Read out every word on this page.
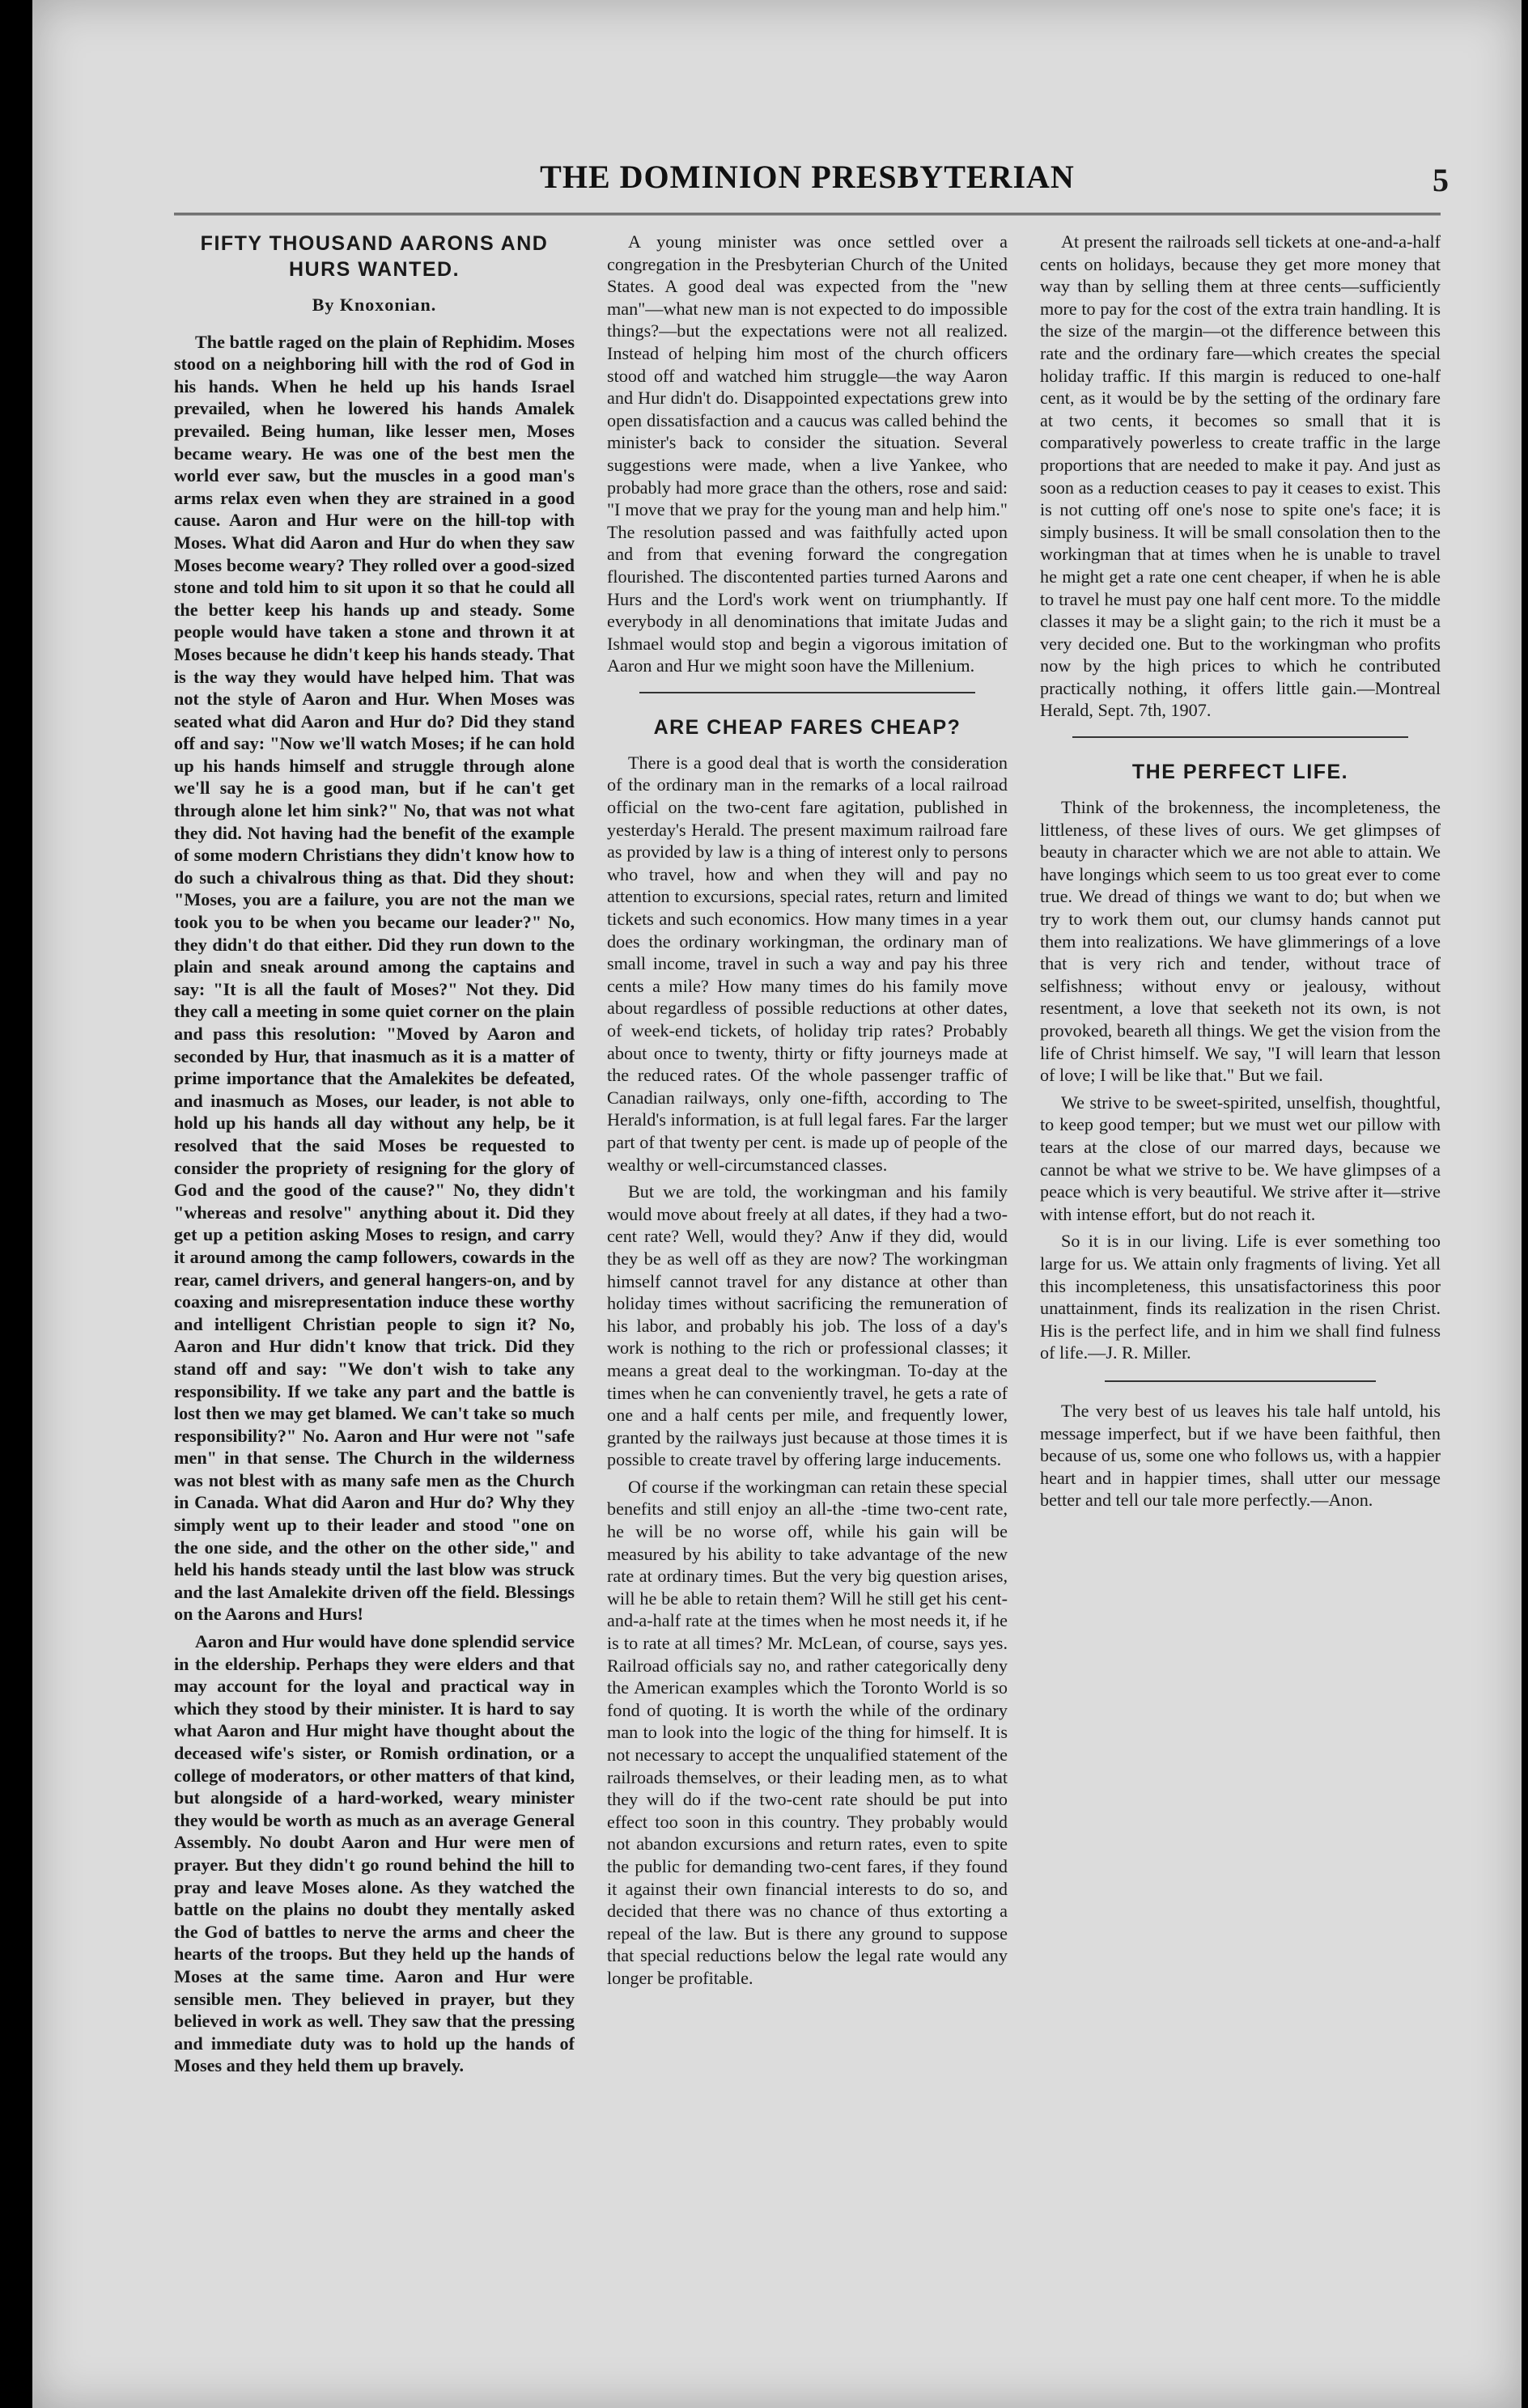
THE DOMINION PRESBYTERIAN	5
FIFTY THOUSAND AARONS AND HURS WANTED.
By Knoxonian.

The battle raged on the plain of Rephidim. Moses stood on a neighboring hill with the rod of God in his hands. When he held up his hands Israel prevailed, when he lowered his hands Amalek prevailed. Being human, like lesser men, Moses became weary. He was one of the best men the world ever saw, but the muscles in a good man's arms relax even when they are strained in a good cause. Aaron and Hur were on the hill-top with Moses. What did Aaron and Hur do when they saw Moses become weary? They rolled over a good-sized stone and told him to sit upon it so that he could all the better keep his hands up and steady. Some people would have taken a stone and thrown it at Moses because he didn't keep his hands steady. That is the way they would have helped him. That was not the style of Aaron and Hur. When Moses was seated what did Aaron and Hur do? Did they stand off and say: "Now we'll watch Moses; if he can hold up his hands himself and struggle through alone we'll say he is a good man, but if he can't get through alone let him sink?" No, that was not what they did. Not having had the benefit of the example of some modern Christians they didn't know how to do such a chivalrous thing as that. Did they shout: "Moses, you are a failure, you are not the man we took you to be when you became our leader?" No, they didn't do that either. Did they run down to the plain and sneak around among the captains and say: "It is all the fault of Moses?" Not they. Did they call a meeting in some quiet corner on the plain and pass this resolution: "Moved by Aaron and seconded by Hur, that inasmuch as it is a matter of prime importance that the Amalekites be defeated, and inasmuch as Moses, our leader, is not able to hold up his hands all day without any help, be it resolved that the said Moses be requested to consider the propriety of resigning for the glory of God and the good of the cause?" No, they didn't "whereas and resolve" anything about it. Did they get up a petition asking Moses to resign, and carry it around among the camp followers, cowards in the rear, camel drivers, and general hangers-on, and by coaxing and misrepresentation induce these worthy and intelligent Christian people to sign it? No, Aaron and Hur didn't know that trick. Did they stand off and say: "We don't wish to take any responsibility. If we take any part and the battle is lost then we may get blamed. We can't take so much responsibility?" No. Aaron and Hur were not "safe men" in that sense. The Church in the wilderness was not blest with as many safe men as the Church in Canada. What did Aaron and Hur do? Why they simply went up to their leader and stood "one on the one side, and the other on the other side," and held his hands steady until the last blow was struck and the last Amalekite driven off the field. Blessings on the Aarons and Hurs!

Aaron and Hur would have done splendid service in the eldership. Perhaps they were elders and that may account for the loyal and practical way in which they stood by their minister. It is hard to say what Aaron and Hur might have thought about the deceased wife's sister, or Romish ordination, or a college of moderators, or other matters of that kind, but alongside of a hard-worked, weary minister they would be worth as much as an average General Assembly. No doubt Aaron and Hur were men of prayer. But they didn't go round behind the hill to pray and leave Moses alone. As they watched the battle on the plains no doubt they mentally asked the God of battles to nerve the arms and cheer the hearts of the troops. But they held up the hands of Moses at the same time. Aaron and Hur were sensible men. They believed in prayer, but they believed in work as well. They saw that the pressing and immediate duty was to hold up the hands of Moses and they held them up bravely.

A young minister was once settled over a congregation in the Presbyterian Church of the United States. A good deal was expected from the "new man"—what new man is not expected to do impossible things?—but the expectations were not all realized. Instead of helping him most of the church officers stood off and watched him struggle—the way Aaron and Hur didn't do. Disappointed expectations grew into open dissatisfaction and a caucus was called behind the minister's back to consider the situation. Several suggestions were made, when a live Yankee, who probably had more grace than the others, rose and said: "I move that we pray for the young man and help him." The resolution passed and was faithfully acted upon and from that evening forward the congregation flourished. The discontented parties turned Aarons and Hurs and the Lord's work went on triumphantly. If everybody in all denominations that imitate Judas and Ishmael would stop and begin a vigorous imitation of Aaron and Hur we might soon have the Millenium.

ARE CHEAP FARES CHEAP?

There is a good deal that is worth the consideration of the ordinary man in the remarks of a local railroad official on the two-cent fare agitation, published in yesterday's Herald. The present maximum railroad fare as provided by law is a thing of interest only to persons who travel, how and when they will and pay no attention to excursions, special rates, return and limited tickets and such economics. How many times in a year does the ordinary workingman, the ordinary man of small income, travel in such a way and pay his three cents a mile? How many times do his family move about regardless of possible reductions at other dates, of week-end tickets, of holiday trip rates? Probably about once to twenty, thirty or fifty journeys made at the reduced rates. Of the whole passenger traffic of Canadian railways, only one-fifth, according to The Herald's information, is at full legal fares. Far the larger part of that twenty per cent. is made up of people of the wealthy or well-circumstanced classes.

But we are told, the workingman and his family would move about freely at all dates, if they had a two-cent rate? Well, would they? Anw if they did, would they be as well off as they are now? The workingman himself cannot travel for any distance at other than holiday times without sacrificing the remuneration of his labor, and probably his job. The loss of a day's work is nothing to the rich or professional classes; it means a great deal to the workingman. To-day at the times when he can conveniently travel, he gets a rate of one and a half cents per mile, and frequently lower, granted by the railways just because at those times it is possible to create travel by offering large inducements.

Of course if the workingman can retain these special benefits and still enjoy an all-the -time two-cent rate, he will be no worse off, while his gain will be measured by his ability to take advantage of the new rate at ordinary times. But the very big question arises, will he be able to retain them? Will he still get his cent-and-a-half rate at the times when he most needs it, if he is to rate at all times? Mr. McLean, of course, says yes. Railroad officials say no, and rather categorically deny the American examples which the Toronto World is so fond of quoting. It is worth the while of the ordinary man to look into the logic of the thing for himself. It is not necessary to accept the unqualified statement of the railroads themselves, or their leading men, as to what they will do if the two-cent rate should be put into effect too soon in this country. They probably would not abandon excursions and return rates, even to spite the public for demanding two-cent fares, if they found it against their own financial interests to do so, and decided that there was no chance of thus extorting a repeal of the law. But is there any ground to suppose that special reductions below the legal rate would any longer be profitable.

At present the railroads sell tickets at one-and-a-half cents on holidays, because they get more money that way than by selling them at three cents—sufficiently more to pay for the cost of the extra train handling. It is the size of the margin—ot the difference between this rate and the ordinary fare—which creates the special holiday traffic. If this margin is reduced to one-half cent, as it would be by the setting of the ordinary fare at two cents, it becomes so small that it is comparatively powerless to create traffic in the large proportions that are needed to make it pay. And just as soon as a reduction ceases to pay it ceases to exist. This is not cutting off one's nose to spite one's face; it is simply business. It will be small consolation then to the workingman that at times when he is unable to travel he might get a rate one cent cheaper, if when he is able to travel he must pay one half cent more. To the middle classes it may be a slight gain; to the rich it must be a very decided one. But to the workingman who profits now by the high prices to which he contributed practically nothing, it offers little gain.—Montreal Herald, Sept. 7th, 1907.

THE PERFECT LIFE.

Think of the brokenness, the incompleteness, the littleness, of these lives of ours. We get glimpses of beauty in character which we are not able to attain. We have longings which seem to us too great ever to come true. We dread of things we want to do; but when we try to work them out, our clumsy hands cannot put them into realizations. We have glimmerings of a love that is very rich and tender, without trace of selfishness; without envy or jealousy, without resentment, a love that seeketh not its own, is not provoked, beareth all things. We get the vision from the life of Christ himself. We say, "I will learn that lesson of love; I will be like that." But we fail.

We strive to be sweet-spirited, unselfish, thoughtful, to keep good temper; but we must wet our pillow with tears at the close of our marred days, because we cannot be what we strive to be. We have glimpses of a peace which is very beautiful. We strive after it—strive with intense effort, but do not reach it.

So it is in our living. Life is ever something too large for us. We attain only fragments of living. Yet all this incompleteness, this unsatisfactoriness this poor unattainment, finds its realization in the risen Christ. His is the perfect life, and in him we shall find fulness of life.—J. R. Miller.

The very best of us leaves his tale half untold, his message imperfect, but if we have been faithful, then because of us, some one who follows us, with a happier heart and in happier times, shall utter our message better and tell our tale more perfectly.—Anon.
